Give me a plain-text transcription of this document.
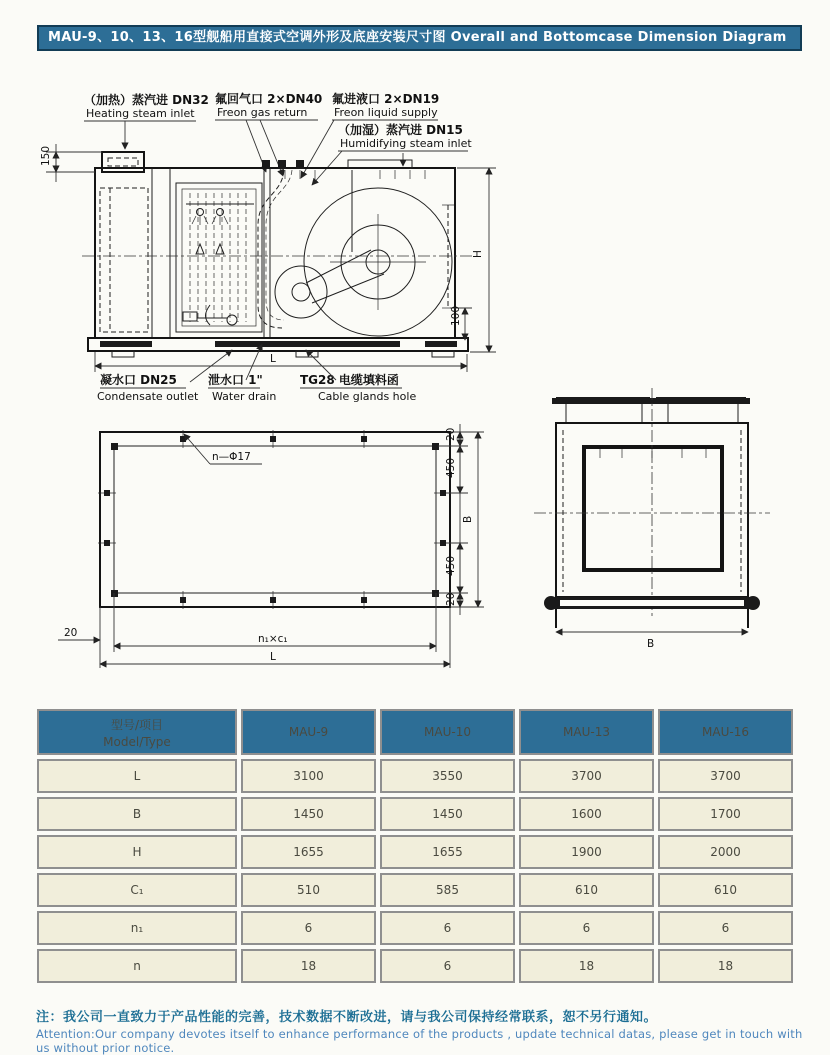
MAU-9、10、13、16型舰船用直接式空调外形及底座安装尺寸图 Overall and Bottomcase Dimension Diagram
（加热）蒸汽进 DN32
Heating steam inlet
氟回气口 2×DN40
Freon gas return
氟进液口 2×DN19
Freon liquid supply
（加湿）蒸汽进 DN15
Humidifying steam inlet
150
H
100
L
凝水口 DN25
Condensate outlet
泄水口 1"
Water drain
TG28 电缆填料函
Cable glands hole
n—Φ17
20
450
450
20
B
20	n₁×c₁
L
B
型号/项目
Model/Type	MAU-9	MAU-10	MAU-13	MAU-16
L	3100	3550	3700	3700
B	1450	1450	1600	1700
H	1655	1655	1900	2000
C₁	510	585	610	610
n₁	6	6	6	6
n	18	6	18	18
注：我公司一直致力于产品性能的完善，技术数据不断改进，请与我公司保持经常联系，恕不另行通知。
Attention:Our company devotes itself to enhance performance of the products , update technical datas, please get in touch with us without prior notice.
